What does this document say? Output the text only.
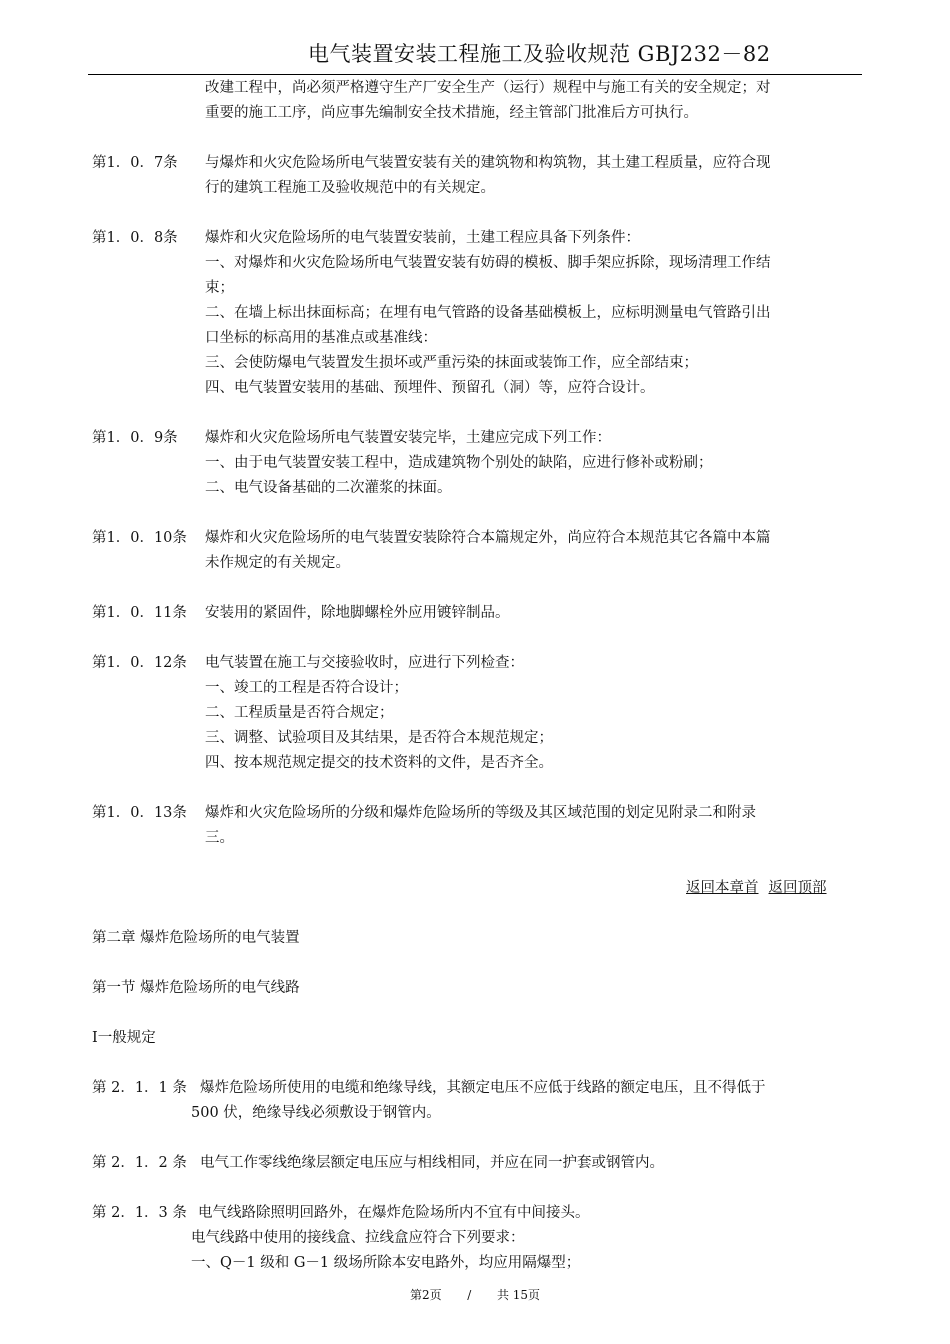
电气装置安装工程施工及验收规范 GBJ232－82
改建工程中，尚必须严格遵守生产厂安全生产（运行）规程中与施工有关的安全规定；对
重要的施工工序，尚应事先编制安全技术措施，经主管部门批准后方可执行。
第1．0．7条 与爆炸和火灾危险场所电气装置安装有关的建筑物和构筑物，其土建工程质量，应符合现
行的建筑工程施工及验收规范中的有关规定。
第1．0．8条 爆炸和火灾危险场所的电气装置安装前，土建工程应具备下列条件：
一、对爆炸和火灾危险场所电气装置安装有妨碍的模板、脚手架应拆除，现场清理工作结
束；
二、在墙上标出抹面标高；在埋有电气管路的设备基础模板上，应标明测量电气管路引出
口坐标的标高用的基准点或基准线：
三、会使防爆电气装置发生损坏或严重污染的抹面或装饰工作，应全部结束；
四、电气装置安装用的基础、预埋件、预留孔（洞）等，应符合设计。
第1．0．9条 爆炸和火灾危险场所电气装置安装完毕，土建应完成下列工作：
一、由于电气装置安装工程中，造成建筑物个别处的缺陷，应进行修补或粉刷；
二、电气设备基础的二次灌浆的抹面。
第1．0．10条 爆炸和火灾危险场所的电气装置安装除符合本篇规定外，尚应符合本规范其它各篇中本篇
未作规定的有关规定。
第1．0．11条 安装用的紧固件，除地脚螺栓外应用镀锌制品。
第1．0．12条 电气装置在施工与交接验收时，应进行下列检查：
一、竣工的工程是否符合设计；
二、工程质量是否符合规定；
三、调整、试验项目及其结果，是否符合本规范规定；
四、按本规范规定提交的技术资料的文件，是否齐全。
第1．0．13条 爆炸和火灾危险场所的分级和爆炸危险场所的等级及其区域范围的划定见附录二和附录
三。
返回本章首 返回顶部
第二章 爆炸危险场所的电气装置
第一节 爆炸危险场所的电气线路
Ⅰ一般规定
第 2．1．1 条 爆炸危险场所使用的电缆和绝缘导线，其额定电压不应低于线路的额定电压，且不得低于
500 伏，绝缘导线必须敷设于钢管内。
第 2．1．2 条 电气工作零线绝缘层额定电压应与相线相同，并应在同一护套或钢管内。
第 2．1．3 条 电气线路除照明回路外，在爆炸危险场所内不宜有中间接头。
电气线路中使用的接线盒、拉线盒应符合下列要求：
一、Q－1 级和 G－1 级场所除本安电路外，均应用隔爆型；
第2页 / 共 15页
